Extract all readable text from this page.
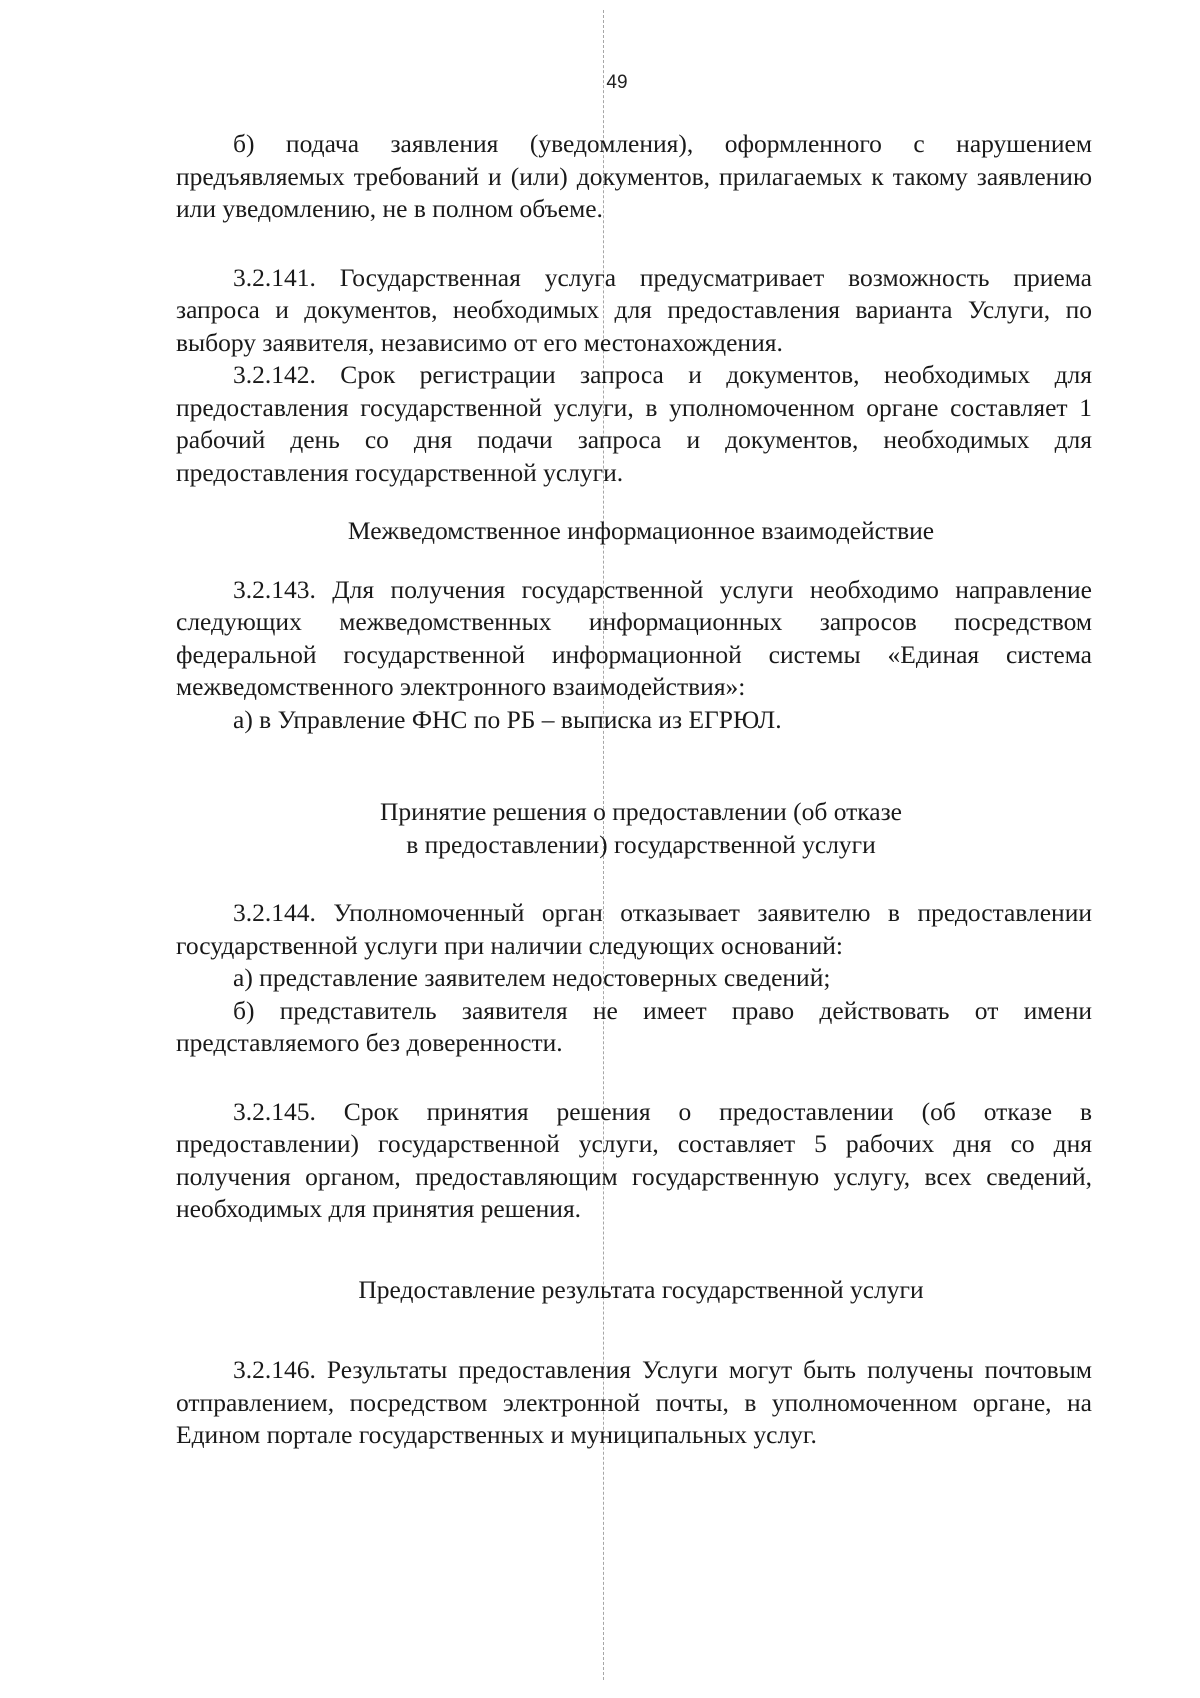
49

б) подача заявления (уведомления), оформленного с нарушением предъявляемых требований и (или) документов, прилагаемых к такому заявлению или уведомлению, не в полном объеме.

3.2.141. Государственная услуга предусматривает возможность приема запроса и документов, необходимых для предоставления варианта Услуги, по выбору заявителя, независимо от его местонахождения.

3.2.142. Срок регистрации запроса и документов, необходимых для предоставления государственной услуги, в уполномоченном органе составляет 1 рабочий день со дня подачи запроса и документов, необходимых для предоставления государственной услуги.

Межведомственное информационное взаимодействие

3.2.143. Для получения государственной услуги необходимо направление следующих межведомственных информационных запросов посредством федеральной государственной информационной системы «Единая система межведомственного электронного взаимодействия»:

а) в Управление ФНС по РБ – выписка из ЕГРЮЛ.

Принятие решения о предоставлении (об отказе

в предоставлении) государственной услуги

3.2.144. Уполномоченный орган отказывает заявителю в предоставлении государственной услуги при наличии следующих оснований:

а) представление заявителем недостоверных сведений;

б) представитель заявителя не имеет право действовать от имени представляемого без доверенности.

3.2.145. Срок принятия решения о предоставлении (об отказе в предоставлении) государственной услуги, составляет 5 рабочих дня со дня получения органом, предоставляющим государственную услугу, всех сведений, необходимых для принятия решения.

Предоставление результата государственной услуги

3.2.146. Результаты предоставления Услуги могут быть получены почтовым отправлением, посредством электронной почты, в уполномоченном органе, на Едином портале государственных и муниципальных услуг.
